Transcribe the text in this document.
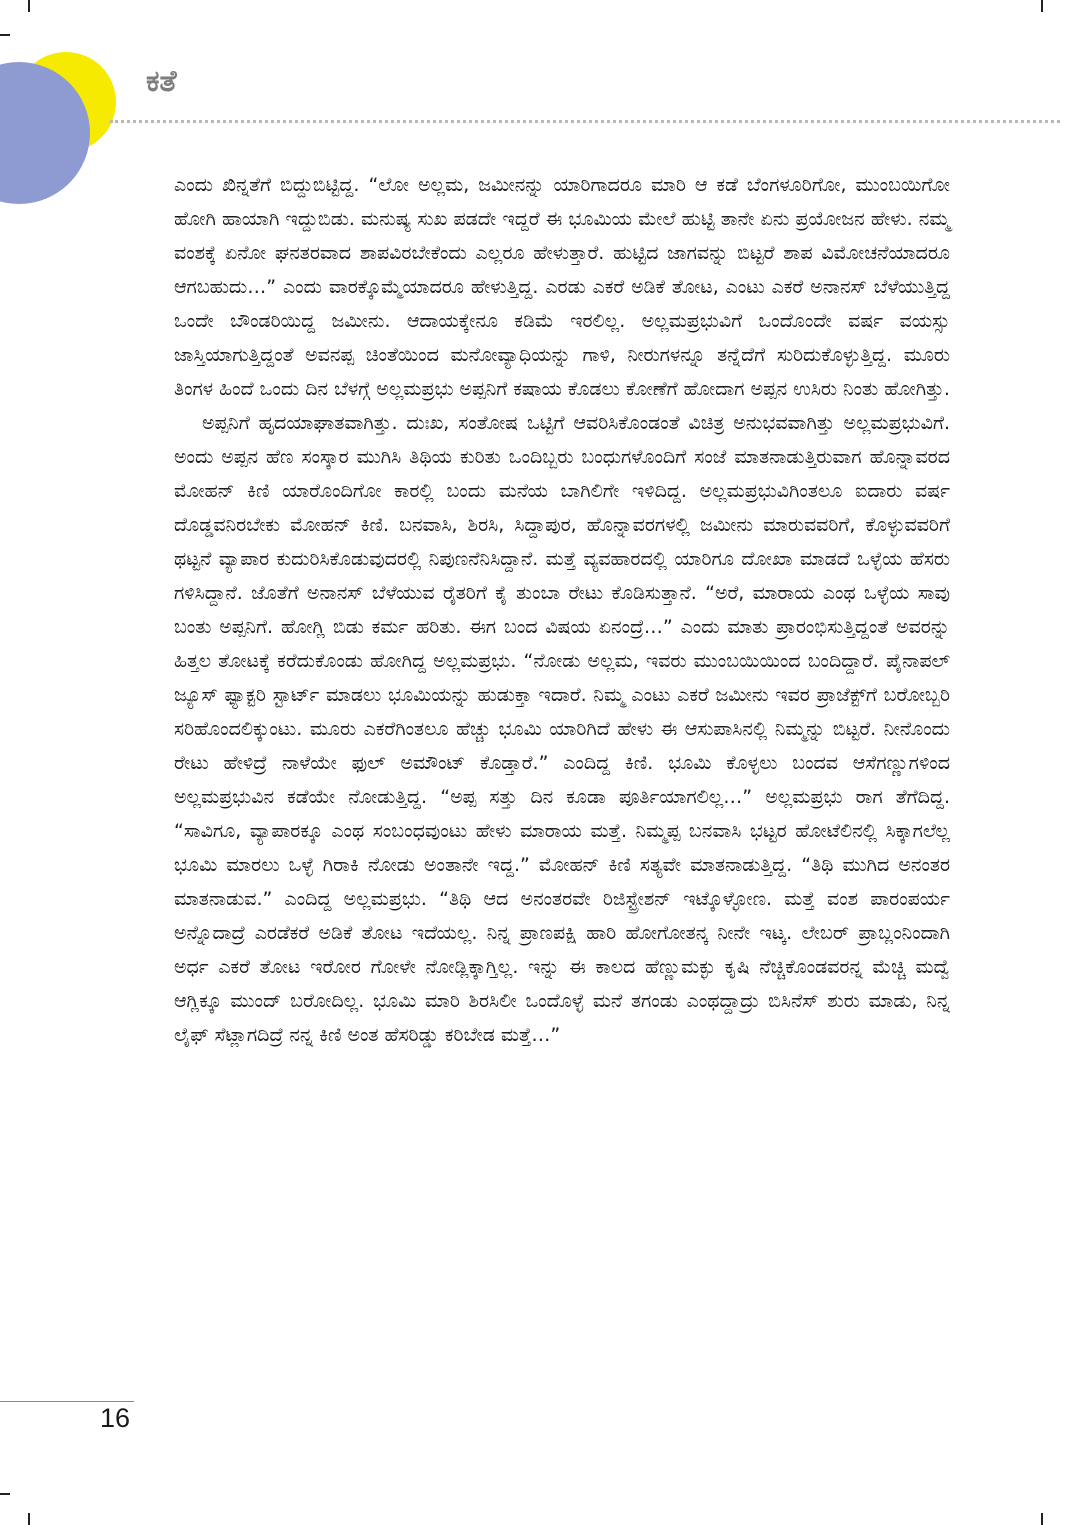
ಕತೆ

ಎಂದು ಖಿನ್ನತೆಗೆ ಬಿದ್ದುಬಿಟ್ಟಿದ್ದ. “ಲೋ ಅಲ್ಲಮ, ಜಮೀನನ್ನು ಯಾರಿಗಾದರೂ ಮಾರಿ ಆ ಕಡೆ ಬೆಂಗಳೂರಿಗೋ, ಮುಂಬಯಿಗೋ ಹೋಗಿ ಹಾಯಾಗಿ ಇದ್ದುಬಿಡು. ಮನುಷ್ಯ ಸುಖ ಪಡದೇ ಇದ್ದರೆ ಈ ಭೂಮಿಯ ಮೇಲೆ ಹುಟ್ಟಿ ತಾನೇ ಏನು ಪ್ರಯೋಜನ ಹೇಳು. ನಮ್ಮ ವಂಶಕ್ಕೆ ಏನೋ ಘನತರವಾದ ಶಾಪವಿರಬೇಕೆಂದು ಎಲ್ಲರೂ ಹೇಳುತ್ತಾರೆ. ಹುಟ್ಟಿದ ಜಾಗವನ್ನು ಬಿಟ್ಟರೆ ಶಾಪ ವಿಮೋಚನೆಯಾದರೂ ಆಗಬಹುದು…” ಎಂದು ವಾರಕ್ಕೊಮ್ಮೆಯಾದರೂ ಹೇಳುತ್ತಿದ್ದ. ಎರಡು ಎಕರೆ ಅಡಿಕೆ ತೋಟ, ಎಂಟು ಎಕರೆ ಅನಾನಸ್ ಬೆಳೆಯುತ್ತಿದ್ದ ಒಂದೇ ಬೌಂಡರಿಯಿದ್ದ ಜಮೀನು. ಆದಾಯಕ್ಕೇನೂ ಕಡಿಮೆ ಇರಲಿಲ್ಲ. ಅಲ್ಲಮಪ್ರಭುವಿಗೆ ಒಂದೊಂದೇ ವರ್ಷ ವಯಸ್ಸು ಜಾಸ್ತಿಯಾಗುತ್ತಿದ್ದಂತೆ ಅವನಪ್ಪ ಚಿಂತೆಯಿಂದ ಮನೋವ್ಯಾಧಿಯನ್ನು ಗಾಳಿ, ನೀರುಗಳನ್ನೂ ತನ್ನೆದೆಗೆ ಸುರಿದುಕೊಳ್ಳುತ್ತಿದ್ದ. ಮೂರು ತಿಂಗಳ ಹಿಂದೆ ಒಂದು ದಿನ ಬೆಳಗ್ಗೆ ಅಲ್ಲಮಪ್ರಭು ಅಪ್ಪನಿಗೆ ಕಷಾಯ ಕೊಡಲು ಕೋಣೆಗೆ ಹೋದಾಗ ಅಪ್ಪನ ಉಸಿರು ನಿಂತು ಹೋಗಿತ್ತು.

ಅಪ್ಪನಿಗೆ ಹೃದಯಾಘಾತವಾಗಿತ್ತು. ದುಃಖ, ಸಂತೋಷ ಒಟ್ಟಿಗೆ ಆವರಿಸಿಕೊಂಡಂತೆ ವಿಚಿತ್ರ ಅನುಭವವಾಗಿತ್ತು ಅಲ್ಲಮಪ್ರಭುವಿಗೆ. ಅಂದು ಅಪ್ಪನ ಹೆಣ ಸಂಸ್ಕಾರ ಮುಗಿಸಿ ತಿಥಿಯ ಕುರಿತು ಒಂದಿಬ್ಬರು ಬಂಧುಗಳೊಂದಿಗೆ ಸಂಜೆ ಮಾತನಾಡುತ್ತಿರುವಾಗ ಹೊನ್ನಾವರದ ಮೋಹನ್ ಕಿಣಿ ಯಾರೊಂದಿಗೋ ಕಾರಲ್ಲಿ ಬಂದು ಮನೆಯ ಬಾಗಿಲಿಗೇ ಇಳಿದಿದ್ದ. ಅಲ್ಲಮಪ್ರಭುವಿಗಿಂತಲೂ ಐದಾರು ವರ್ಷ ದೊಡ್ಡವನಿರಬೇಕು ಮೋಹನ್ ಕಿಣಿ. ಬನವಾಸಿ, ಶಿರಸಿ, ಸಿದ್ದಾಪುರ, ಹೊನ್ನಾವರಗಳಲ್ಲಿ ಜಮೀನು ಮಾರುವವರಿಗೆ, ಕೊಳ್ಳುವವರಿಗೆ ಥಟ್ಟನೆ ವ್ಯಾಪಾರ ಕುದುರಿಸಿಕೊಡುವುದರಲ್ಲಿ ನಿಪುಣನೆನಿಸಿದ್ದಾನೆ. ಮತ್ತೆ ವ್ಯವಹಾರದಲ್ಲಿ ಯಾರಿಗೂ ದೋಖಾ ಮಾಡದೆ ಒಳ್ಳೆಯ ಹೆಸರು ಗಳಿಸಿದ್ದಾನೆ. ಜೊತೆಗೆ ಅನಾನಸ್ ಬೆಳೆಯುವ ರೈತರಿಗೆ ಕೈ ತುಂಬಾ ರೇಟು ಕೊಡಿಸುತ್ತಾನೆ. “ಅರೆ, ಮಾರಾಯ ಎಂಥ ಒಳ್ಳೆಯ ಸಾವು ಬಂತು ಅಪ್ಪನಿಗೆ. ಹೋಗ್ಲಿ ಬಿಡು ಕರ್ಮ ಹರಿತು. ಈಗ ಬಂದ ವಿಷಯ ಏನಂದ್ರೆ…” ಎಂದು ಮಾತು ಪ್ರಾರಂಭಿಸುತ್ತಿದ್ದಂತೆ ಅವರನ್ನು ಹಿತ್ತಲ ತೋಟಕ್ಕೆ ಕರೆದುಕೊಂಡು ಹೋಗಿದ್ದ ಅಲ್ಲಮಪ್ರಭು. “ನೋಡು ಅಲ್ಲಮ, ಇವರು ಮುಂಬಯಿಯಿಂದ ಬಂದಿದ್ದಾರೆ. ಪೈನಾಪಲ್ ಜ್ಯೂಸ್ ಫ್ಯಾಕ್ಟರಿ ಸ್ಟಾರ್ಟ್ ಮಾಡಲು ಭೂಮಿಯನ್ನು ಹುಡುಕ್ತಾ ಇದಾರೆ. ನಿಮ್ಮ ಎಂಟು ಎಕರೆ ಜಮೀನು ಇವರ ಪ್ರಾಜೆಕ್ಟ್‌ಗೆ ಬರೋಬ್ಬರಿ ಸರಿಹೊಂದಲಿಕ್ಕುಂಟು. ಮೂರು ಎಕರೆಗಿಂತಲೂ ಹೆಚ್ಚು ಭೂಮಿ ಯಾರಿಗಿದೆ ಹೇಳು ಈ ಆಸುಪಾಸಿನಲ್ಲಿ ನಿಮ್ಮನ್ನು ಬಿಟ್ಟರೆ. ನೀನೊಂದು ರೇಟು ಹೇಳಿದ್ರೆ ನಾಳೆಯೇ ಫುಲ್ ಅಮೌಂಟ್ ಕೊಡ್ತಾರೆ.” ಎಂದಿದ್ದ ಕಿಣಿ. ಭೂಮಿ ಕೊಳ್ಳಲು ಬಂದವ ಆಸೆಗಣ್ಣುಗಳಿಂದ ಅಲ್ಲಮಪ್ರಭುವಿನ ಕಡೆಯೇ ನೋಡುತ್ತಿದ್ದ. “ಅಪ್ಪ ಸತ್ತು ದಿನ ಕೂಡಾ ಪೂರ್ತಿಯಾಗಲಿಲ್ಲ…” ಅಲ್ಲಮಪ್ರಭು ರಾಗ ತೆಗೆದಿದ್ದ. “ಸಾವಿಗೂ, ವ್ಯಾಪಾರಕ್ಕೂ ಎಂಥ ಸಂಬಂಧವುಂಟು ಹೇಳು ಮಾರಾಯ ಮತ್ತೆ. ನಿಮ್ಮಪ್ಪ ಬನವಾಸಿ ಭಟ್ಟರ ಹೋಟೆಲಿನಲ್ಲಿ ಸಿಕ್ಕಾಗಲೆಲ್ಲ ಭೂಮಿ ಮಾರಲು ಒಳ್ಳೆ ಗಿರಾಕಿ ನೋಡು ಅಂತಾನೇ ಇದ್ದ.” ಮೋಹನ್ ಕಿಣಿ ಸತ್ಯವೇ ಮಾತನಾಡುತ್ತಿದ್ದ. “ತಿಥಿ ಮುಗಿದ ಅನಂತರ ಮಾತನಾಡುವ.” ಎಂದಿದ್ದ ಅಲ್ಲಮಪ್ರಭು. “ತಿಥಿ ಆದ ಅನಂತರವೇ ರಿಜಿಸ್ಟ್ರೇಶನ್ ಇಟ್ಕೊಳ್ಳೋಣ. ಮತ್ತೆ ವಂಶ ಪಾರಂಪರ್ಯ ಅನ್ನೊದಾದ್ರೆ ಎರಡೆಕರೆ ಅಡಿಕೆ ತೋಟ ಇದೆಯಲ್ಲ. ನಿನ್ನ ಪ್ರಾಣಪಕ್ಷಿ ಹಾರಿ ಹೋಗೋತನ್ಕ ನೀನೇ ಇಟ್ಕ. ಲೇಬರ್ ಪ್ರಾಬ್ಲಂನಿಂದಾಗಿ ಅರ್ಧ ಎಕರೆ ತೋಟ ಇರೋರ ಗೋಳೇ ನೋಡ್ಲಿಕ್ಕಾಗ್ತಿಲ್ಲ. ಇನ್ನು ಈ ಕಾಲದ ಹೆಣ್ಣುಮಕ್ಳು ಕೃಷಿ ನೆಚ್ಚಿಕೊಂಡವರನ್ನ ಮೆಚ್ಚಿ ಮದ್ವೆ ಆಗ್ಲಿಕ್ಕೂ ಮುಂದ್ ಬರೋದಿಲ್ಲ. ಭೂಮಿ ಮಾರಿ ಶಿರಸಿಲೀ ಒಂದೊಳ್ಳೆ ಮನೆ ತಗಂಡು ಎಂಥದ್ದಾದ್ರು ಬಿಸಿನೆಸ್ ಶುರು ಮಾಡು, ನಿನ್ನ ಲೈಫ್ ಸೆಟ್ಲಾಗದಿದ್ರೆ ನನ್ನ ಕಿಣಿ ಅಂತ ಹೆಸರಿಡ್ಡು ಕರಿಬೇಡ ಮತ್ತೆ…”

16
